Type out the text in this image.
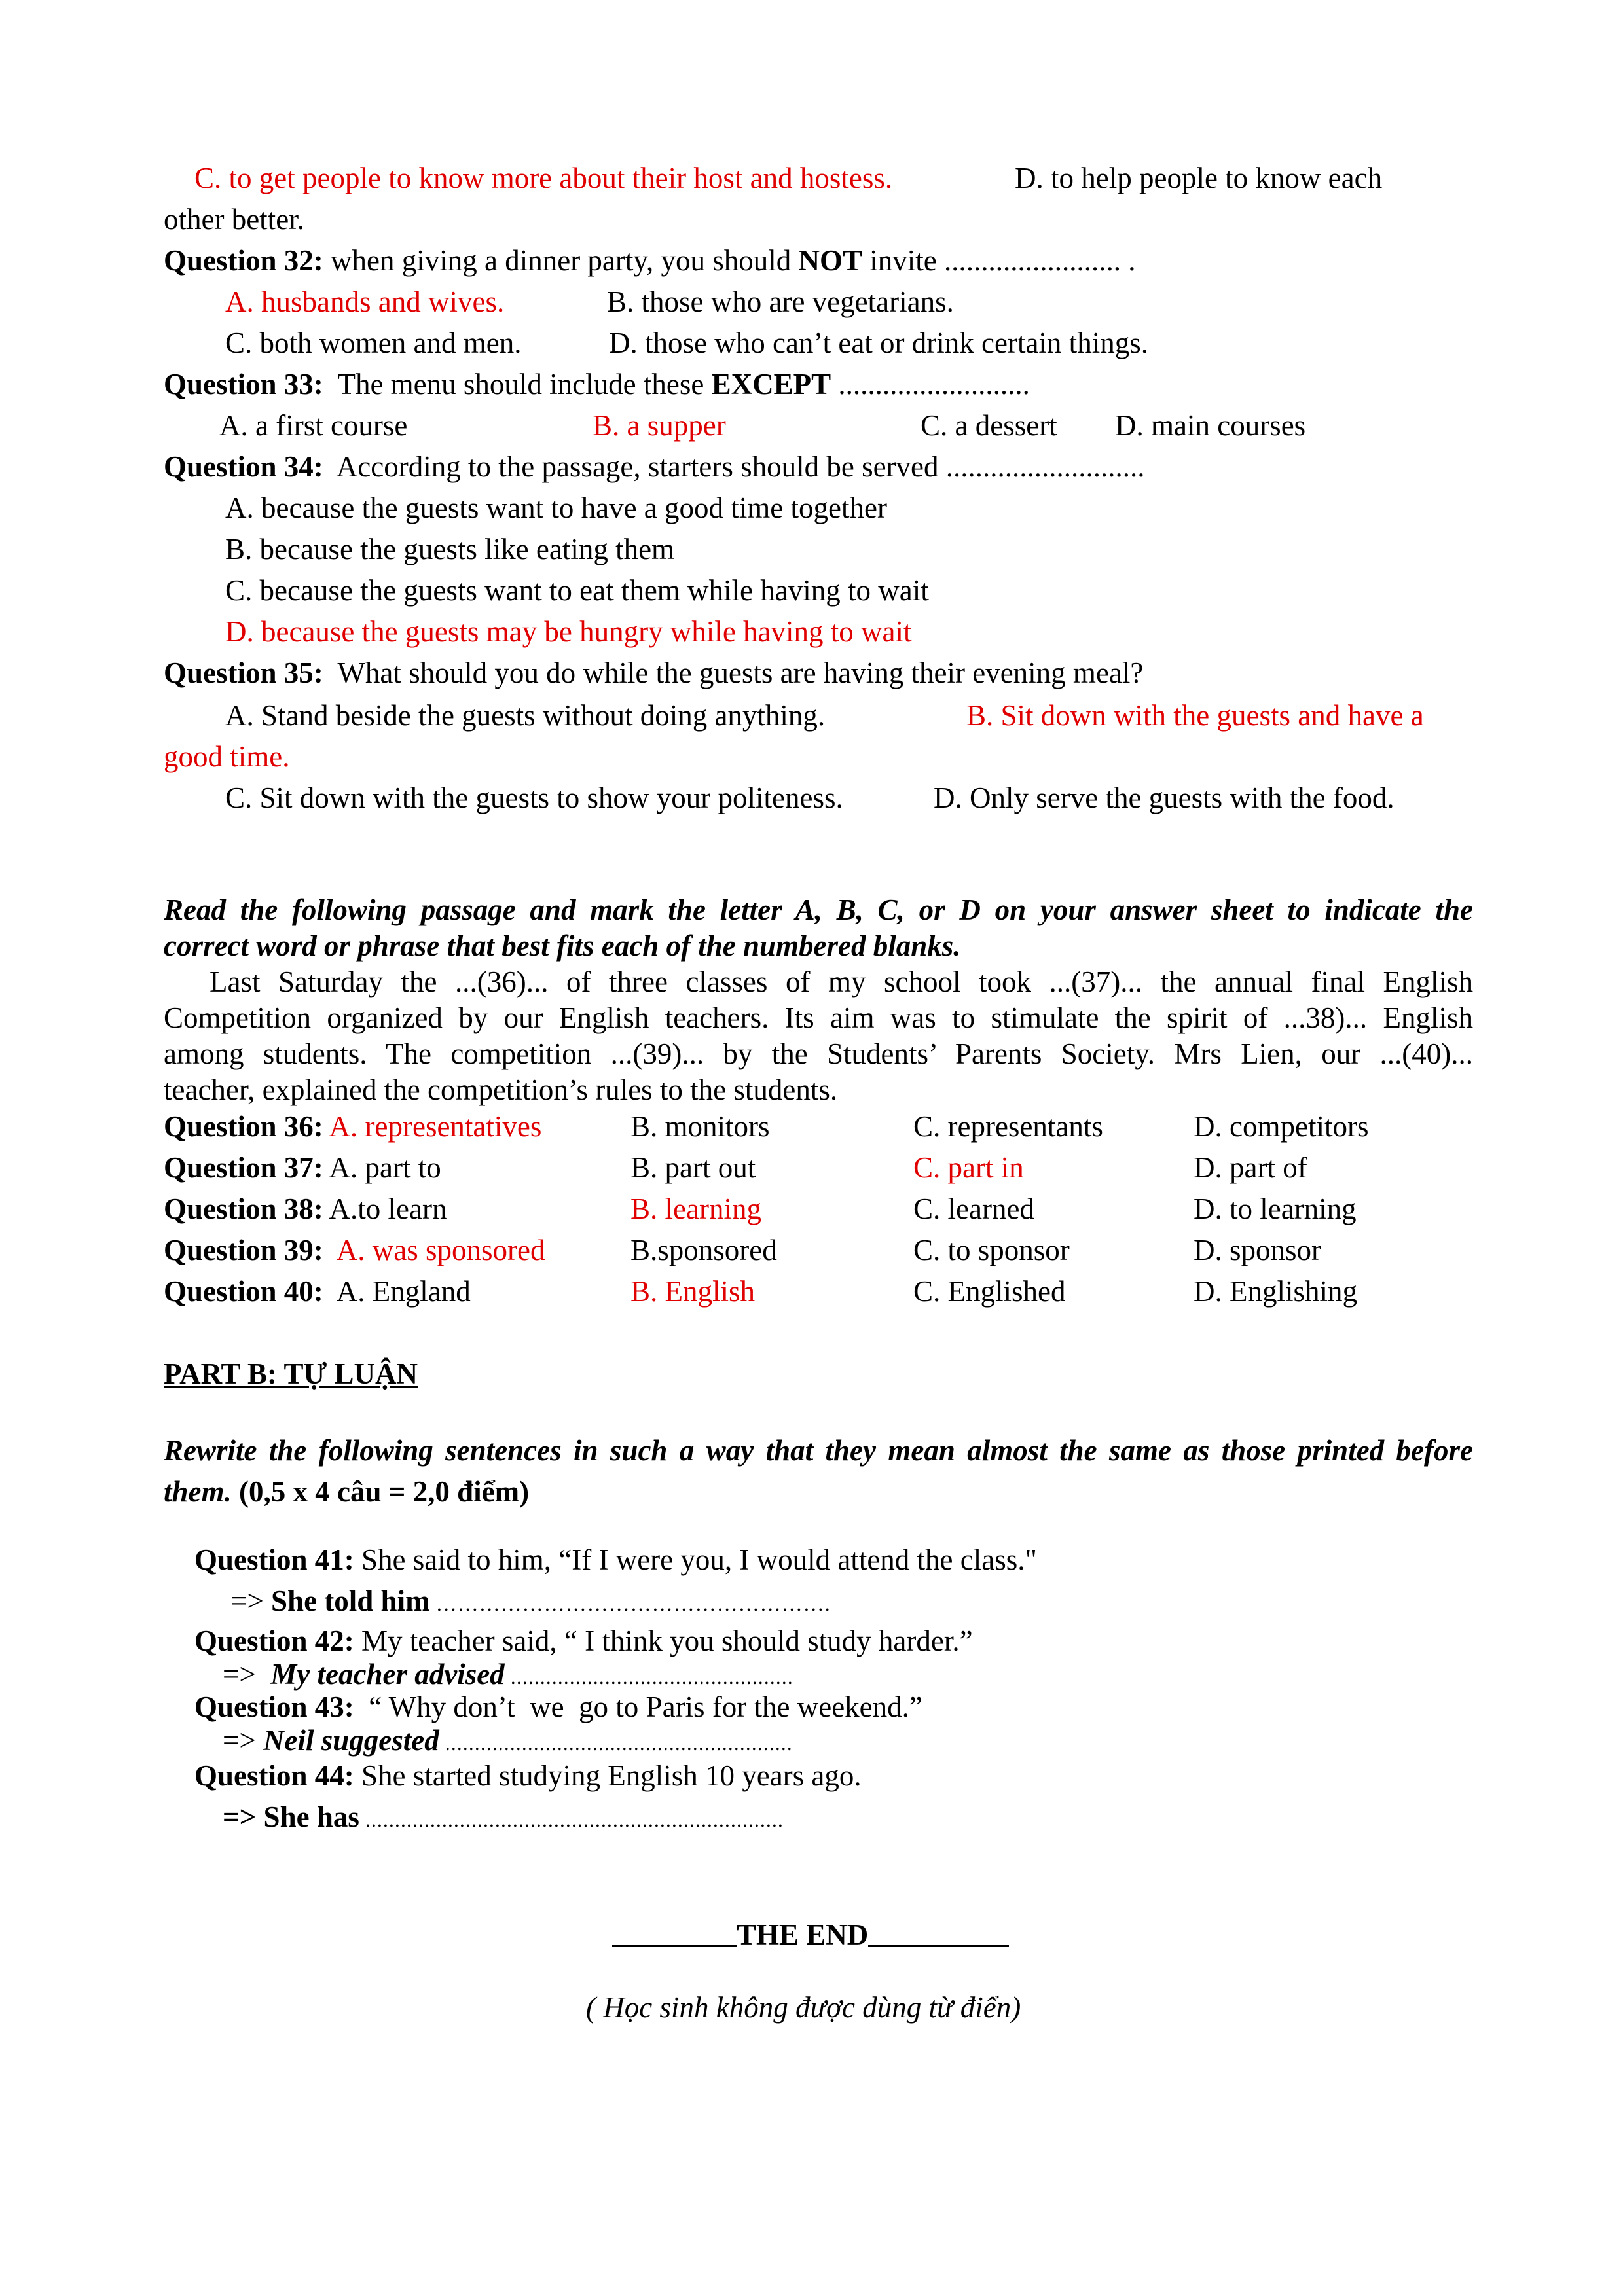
C. to get people to know more about their host and hostess.	D. to help people to know each
other better.
Question 32: when giving a dinner party, you should NOT invite ........................ .
A. husbands and wives.	B. those who are vegetarians.
C. both women and men.	D. those who can’t eat or drink certain things.
Question 33:  The menu should include these EXCEPT ..........................
A. a first course	B. a supper	C. a dessert D. main courses
Question 34:  According to the passage, starters should be served ...........................
A. because the guests want to have a good time together
B. because the guests like eating them
C. because the guests want to eat them while having to wait
D. because the guests may be hungry while having to wait
Question 35:  What should you do while the guests are having their evening meal?
A. Stand beside the guests without doing anything.	B. Sit down with the guests and have a
good time.
C. Sit down with the guests to show your politeness.	D. Only serve the guests with the food.
Read the following passage and mark the letter A, B, C, or D on your answer sheet to indicate the
correct word or phrase that best fits each of the numbered blanks.
Last Saturday the ...(36)... of three classes of my school took ...(37)... the annual final English
Competition organized by our English teachers. Its aim was to stimulate the spirit of ...38)... English
among students. The competition ...(39)... by the Students’ Parents Society. Mrs Lien, our ...(40)...
teacher, explained the competition’s rules to the students.
Question 36: A. representatives	B. monitors	C. representants	D. competitors
Question 37: A. part to	B. part out	C. part in	D. part of
Question 38: A.to learn	B. learning	C. learned	D. to learning
Question 39:  A. was sponsored	B.sponsored	C. to sponsor	D. sponsor
Question 40:  A. England	B. English	C. Englished	D. Englishing
PART B: TỰ LUẬN
Rewrite the following sentences in such a way that they mean almost the same as those printed before
them. (0,5 x 4 câu = 2,0 điểm)
Question 41: She said to him, “If I were you, I would attend the class."
=> She told him ……………………………………………….
Question 42: My teacher said, “ I think you should study harder.”
=>  My teacher advised ................................................
Question 43:  “ Why don’t  we  go to Paris for the weekend.”
=> Neil suggested ...........................................................
Question 44: She started studying English 10 years ago.
=> She has .......................................................................
THE END
( Học sinh không được dùng từ điển)
